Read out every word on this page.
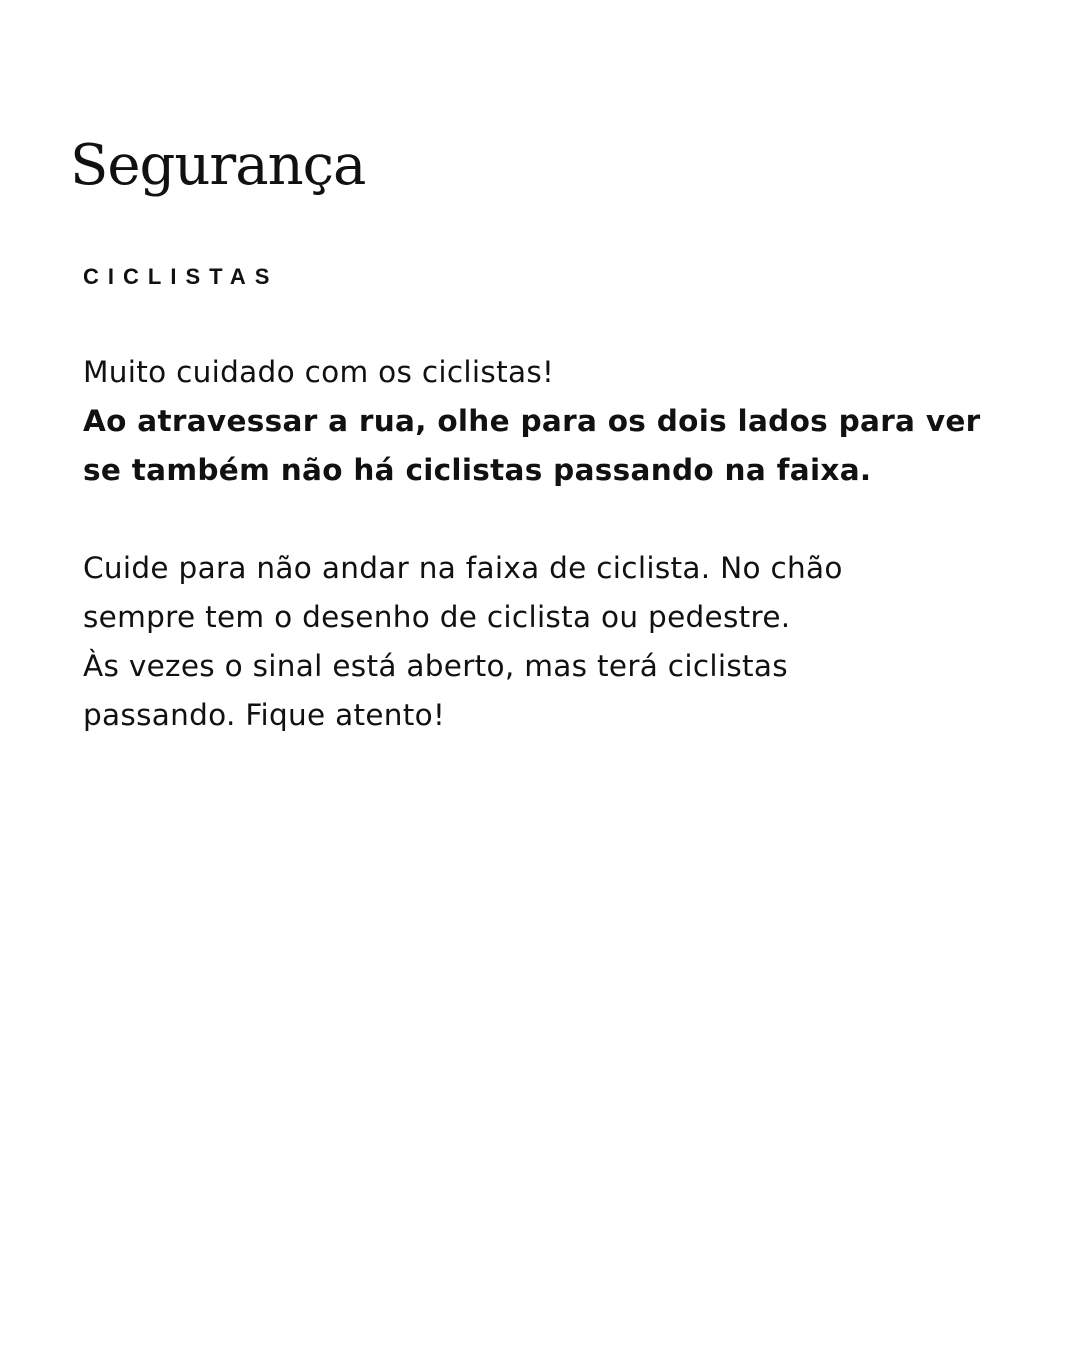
Segurança
CICLISTAS
Muito cuidado com os ciclistas!
Ao atravessar a rua, olhe para os dois lados para ver
se também não há ciclistas passando na faixa.
Cuide para não andar na faixa de ciclista. No chão
sempre tem o desenho de ciclista ou pedestre.
Às vezes o sinal está aberto, mas terá ciclistas
passando. Fique atento!
